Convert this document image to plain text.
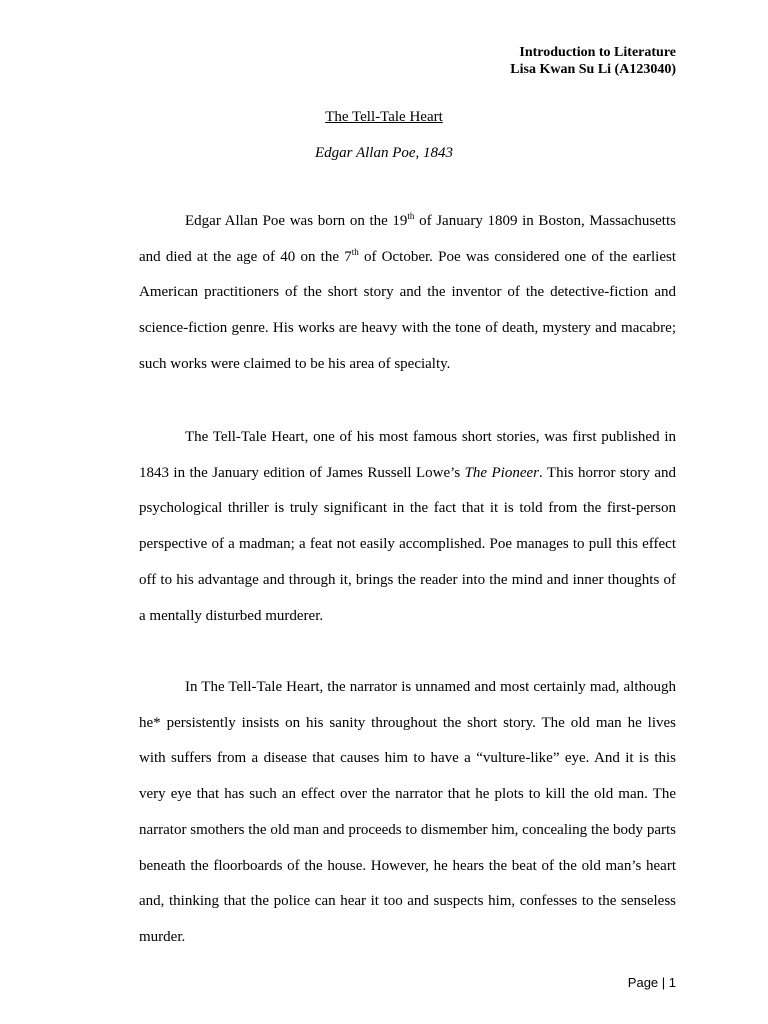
Introduction to Literature
Lisa Kwan Su Li (A123040)
The Tell-Tale Heart
Edgar Allan Poe, 1843

Edgar Allan Poe was born on the 19th of January 1809 in Boston, Massachusetts and died at the age of 40 on the 7th of October. Poe was considered one of the earliest American practitioners of the short story and the inventor of the detective-fiction and science-fiction genre. His works are heavy with the tone of death, mystery and macabre; such works were claimed to be his area of specialty.

The Tell-Tale Heart, one of his most famous short stories, was first published in 1843 in the January edition of James Russell Lowe’s The Pioneer. This horror story and psychological thriller is truly significant in the fact that it is told from the first-person perspective of a madman; a feat not easily accomplished. Poe manages to pull this effect off to his advantage and through it, brings the reader into the mind and inner thoughts of a mentally disturbed murderer.

In The Tell-Tale Heart, the narrator is unnamed and most certainly mad, although he* persistently insists on his sanity throughout the short story. The old man he lives with suffers from a disease that causes him to have a “vulture-like” eye. And it is this very eye that has such an effect over the narrator that he plots to kill the old man. The narrator smothers the old man and proceeds to dismember him, concealing the body parts beneath the floorboards of the house. However, he hears the beat of the old man’s heart and, thinking that the police can hear it too and suspects him, confesses to the senseless murder.

Page | 1
